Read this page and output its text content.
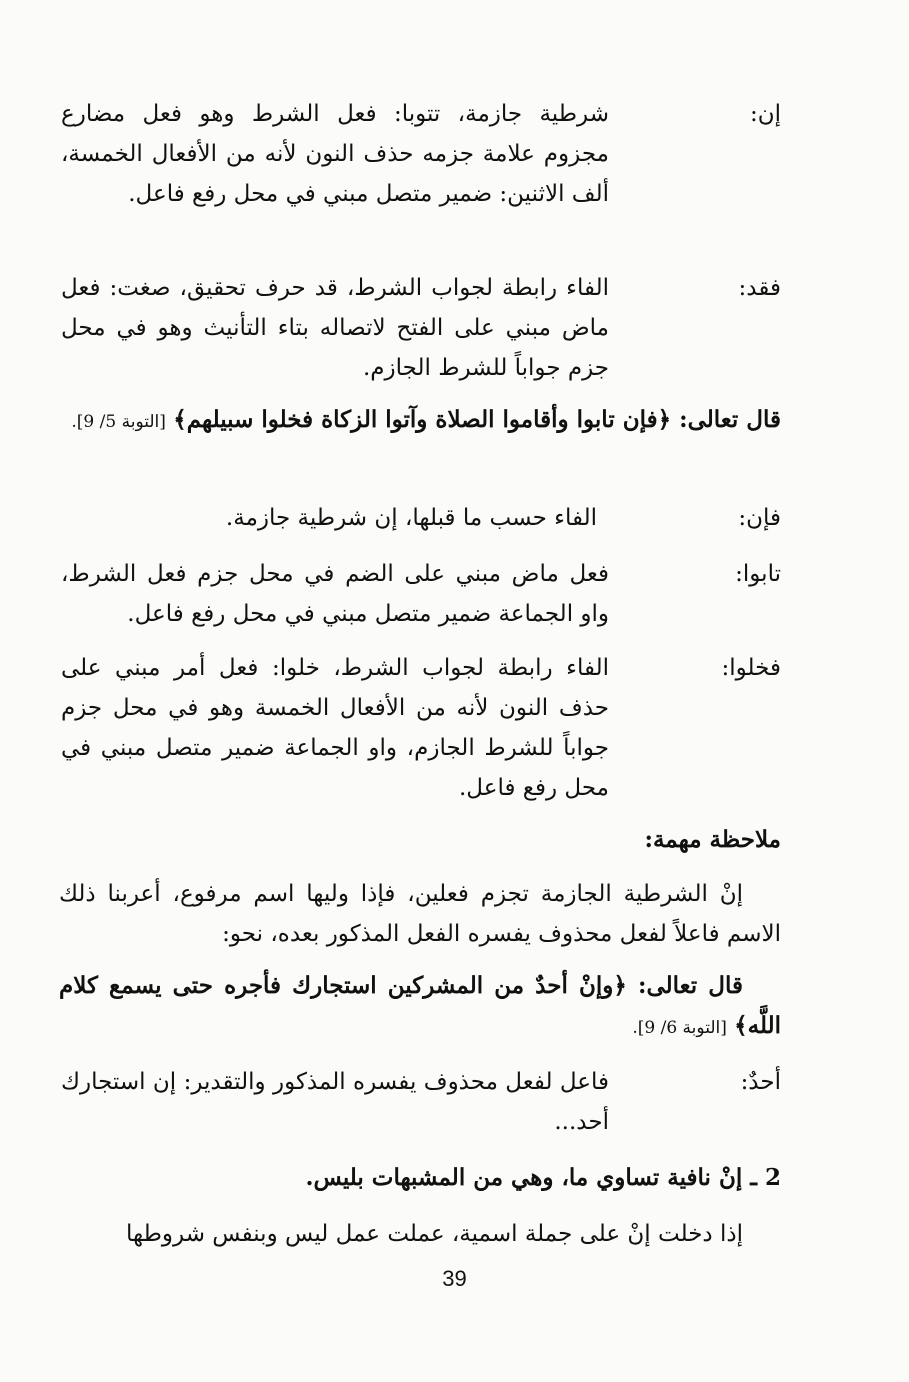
إن:
شرطية جازمة، تتوبا: فعل الشرط وهو فعل مضارع مجزوم علامة جزمه حذف النون لأنه من الأفعال الخمسة، ألف الاثنين: ضمير متصل مبني في محل رفع فاعل.
فقد:
الفاء رابطة لجواب الشرط، قد حرف تحقيق، صغت: فعل ماض مبني على الفتح لاتصاله بتاء التأنيث وهو في محل جزم جواباً للشرط الجازم.
قال تعالى: ﴿فإن تابوا وأقاموا الصلاة وآتوا الزكاة فخلوا سبيلهم﴾ [التوبة 5/ 9].
فإن:
الفاء حسب ما قبلها، إن شرطية جازمة.
تابوا:
فعل ماض مبني على الضم في محل جزم فعل الشرط، واو الجماعة ضمير متصل مبني في محل رفع فاعل.
فخلوا:
الفاء رابطة لجواب الشرط، خلوا: فعل أمر مبني على حذف النون لأنه من الأفعال الخمسة وهو في محل جزم جواباً للشرط الجازم، واو الجماعة ضمير متصل مبني في محل رفع فاعل.
ملاحظة مهمة:
إنْ الشرطية الجازمة تجزم فعلين، فإذا وليها اسم مرفوع، أعربنا ذلك الاسم فاعلاً لفعل محذوف يفسره الفعل المذكور بعده، نحو:
قال تعالى: ﴿وإنْ أحدٌ من المشركين استجارك فأجره حتى يسمع كلام اللَّه﴾ [التوبة 6/ 9].
أحدٌ:
فاعل لفعل محذوف يفسره المذكور والتقدير: إن استجارك أحد...
2 ـ إنْ نافية تساوي ما، وهي من المشبهات بليس.
إذا دخلت إنْ على جملة اسمية، عملت عمل ليس وبنفس شروطها
39
